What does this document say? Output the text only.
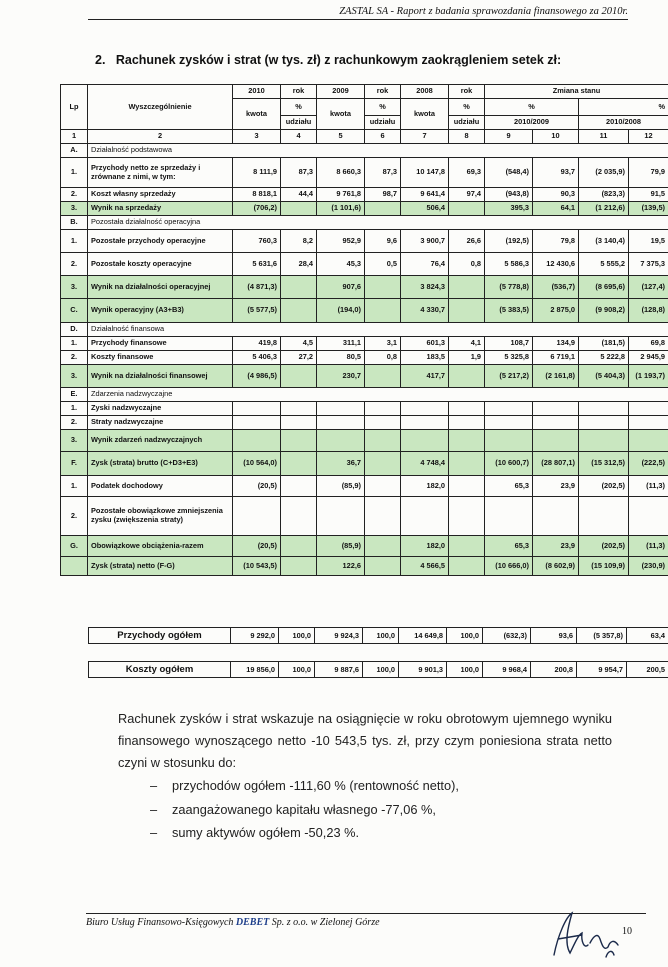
ZASTAL SA - Raport z badania sprawozdania finansowego za 2010r.
2.   Rachunek zysków i strat (w tys. zł) z rachunkowym zaokrągleniem setek zł:
Lp	Wyszczególnienie	2010	rok	2009	rok	2008	rok	Zmiana stanu			
		kwota	%	kwota	%	kwota	%	%		%	
			udziału		udziału		udziału	2010/2009		2010/2008	
1	2	3	4	5	6	7	8	9	10	11	12
A.	Działalność podstawowa										
1.	Przychody netto ze sprzedaży i zrównane z nimi, w tym:	8 111,9	87,3	8 660,3	87,3	10 147,8	69,3	(548,4)	93,7	(2 035,9)	79,9
2.	Koszt własny sprzedaży	8 818,1	44,4	9 761,8	98,7	9 641,4	97,4	(943,8)	90,3	(823,3)	91,5
3.	Wynik na sprzedaży	(706,2)		(1 101,6)		506,4		395,3	64,1	(1 212,6)	(139,5)
B.	Pozostała działalność operacyjna										
1.	Pozostałe przychody operacyjne	760,3	8,2	952,9	9,6	3 900,7	26,6	(192,5)	79,8	(3 140,4)	19,5
2.	Pozostałe koszty operacyjne	5 631,6	28,4	45,3	0,5	76,4	0,8	5 586,3	12 430,6	5 555,2	7 375,3
3.	Wynik na działalności operacyjnej	(4 871,3)		907,6		3 824,3		(5 778,8)	(536,7)	(8 695,6)	(127,4)
C.	Wynik operacyjny (A3+B3)	(5 577,5)		(194,0)		4 330,7		(5 383,5)	2 875,0	(9 908,2)	(128,8)
D.	Działalność finansowa										
1.	Przychody finansowe	419,8	4,5	311,1	3,1	601,3	4,1	108,7	134,9	(181,5)	69,8
2.	Koszty finansowe	5 406,3	27,2	80,5	0,8	183,5	1,9	5 325,8	6 719,1	5 222,8	2 945,9
3.	Wynik na działalności finansowej	(4 986,5)		230,7		417,7		(5 217,2)	(2 161,8)	(5 404,3)	(1 193,7)
E.	Zdarzenia nadzwyczajne										
1.	Zyski nadzwyczajne										
2.	Straty nadzwyczajne										
3.	Wynik zdarzeń nadzwyczajnych										
F.	Zysk (strata) brutto (C+D3+E3)	(10 564,0)		36,7		4 748,4		(10 600,7)	(28 807,1)	(15 312,5)	(222,5)
1.	Podatek dochodowy	(20,5)		(85,9)		182,0		65,3	23,9	(202,5)	(11,3)
2.	Pozostałe obowiązkowe zmniejszenia zysku (zwiększenia straty)										
G.	Obowiązkowe obciążenia-razem	(20,5)		(85,9)		182,0		65,3	23,9	(202,5)	(11,3)
	Zysk (strata) netto (F-G)	(10 543,5)		122,6		4 566,5		(10 666,0)	(8 602,9)	(15 109,9)	(230,9)
Przychody ogółem	9 292,0	100,0	9 924,3	100,0	14 649,8	100,0	(632,3)	93,6	(5 357,8)	63,4
Koszty ogółem	19 856,0	100,0	9 887,6	100,0	9 901,3	100,0	9 968,4	200,8	9 954,7	200,5
Rachunek zysków i strat wskazuje na osiągnięcie w roku obrotowym ujemnego wyniku finansowego wynoszącego netto -10 543,5 tys. zł, przy czym poniesiona strata netto czyni w stosunku do:
– przychodów ogółem -111,60 % (rentowność netto),
– zaangażowanego kapitału własnego -77,06 %,
– sumy aktywów ogółem -50,23 %.
Biuro Usług Finansowo-Księgowych DEBET Sp. z o.o. w Zielonej Górze
10
